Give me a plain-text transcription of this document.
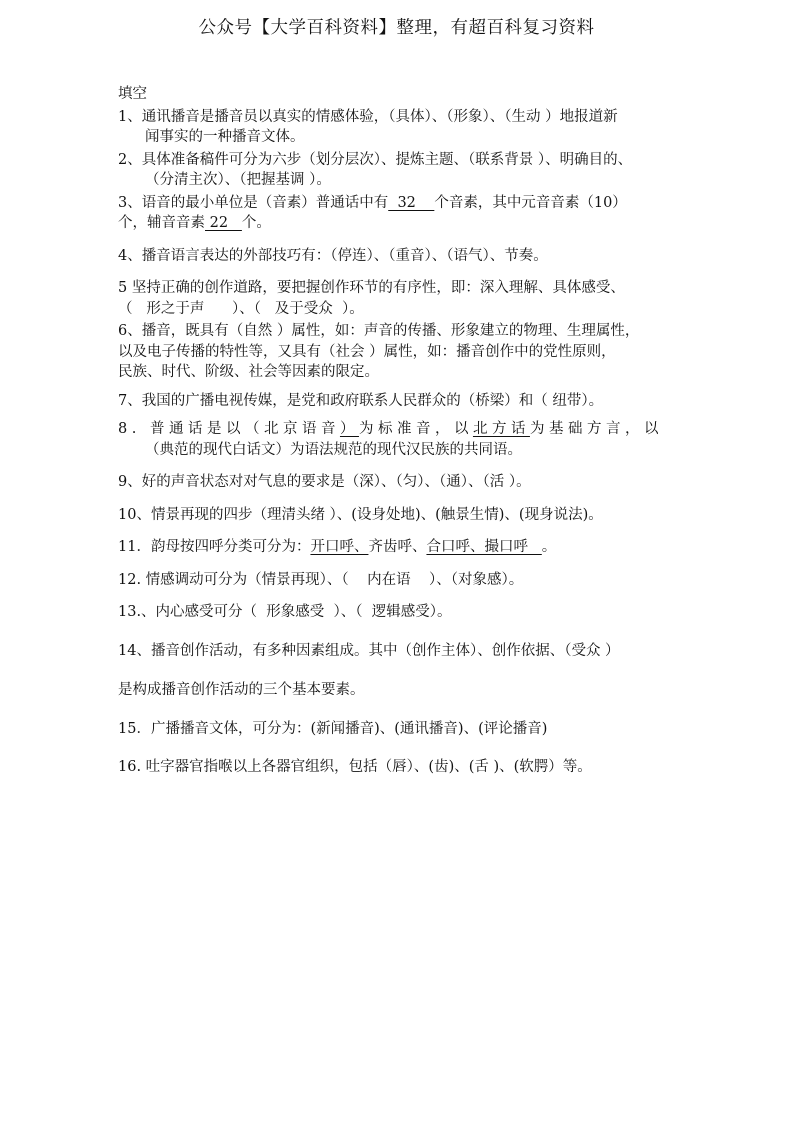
公众号【大学百科资料】整理，有超百科复习资料
填空
1、通讯播音是播音员以真实的情感体验，（具体）、（形象）、（生动 ）地报道新
闻事实的一种播音文体。
2、具体准备稿件可分为六步（划分层次）、提炼主题、（联系背景 ）、明确目的、
（分清主次）、（把握基调 ）。
3、语音的最小单位是（音素）普通话中有  32    个音素，其中元音音素（10）
个，辅音音素 22   个。
4、播音语言表达的外部技巧有：（停连）、（重音）、（语气）、节奏。
5 坚持正确的创作道路，要把握创作环节的有序性，即：深入理解、具体感受、
（   形之于声      ）、（   及于受众  ）。
6、播音，既具有（自然 ）属性，如：声音的传播、形象建立的物理、生理属性，
以及电子传播的特性等，又具有（社会 ）属性，如：播音创作中的党性原则，
民族、时代、阶级、社会等因素的限定。
7、我国的广播电视传媒，是党和政府联系人民群众的（桥梁）和（ 纽带）。
8. 普通话是以（北京语音）为标准音，以北方话为基础方言，以
（典范的现代白话文）为语法规范的现代汉民族的共同语。
9、好的声音状态对对气息的要求是（深）、（匀）、（通）、（活 ）。
10、情景再现的四步（理清头绪 ）、(设身处地)、(触景生情)、(现身说法)。
11．韵母按四呼分类可分为：开口呼、齐齿呼、合口呼、撮口呼   。
12. 情感调动可分为（情景再现）、（    内在语    ）、（对象感）。
13.、内心感受可分（  形象感受  ）、（  逻辑感受）。
14、播音创作活动，有多种因素组成。其中（创作主体）、创作依据、（受众 ）
是构成播音创作活动的三个基本要素。
15．广播播音文体，可分为：(新闻播音)、(通讯播音)、(评论播音)
16. 吐字器官指喉以上各器官组织，包括（唇）、(齿)、(舌 )、(软腭）等。
